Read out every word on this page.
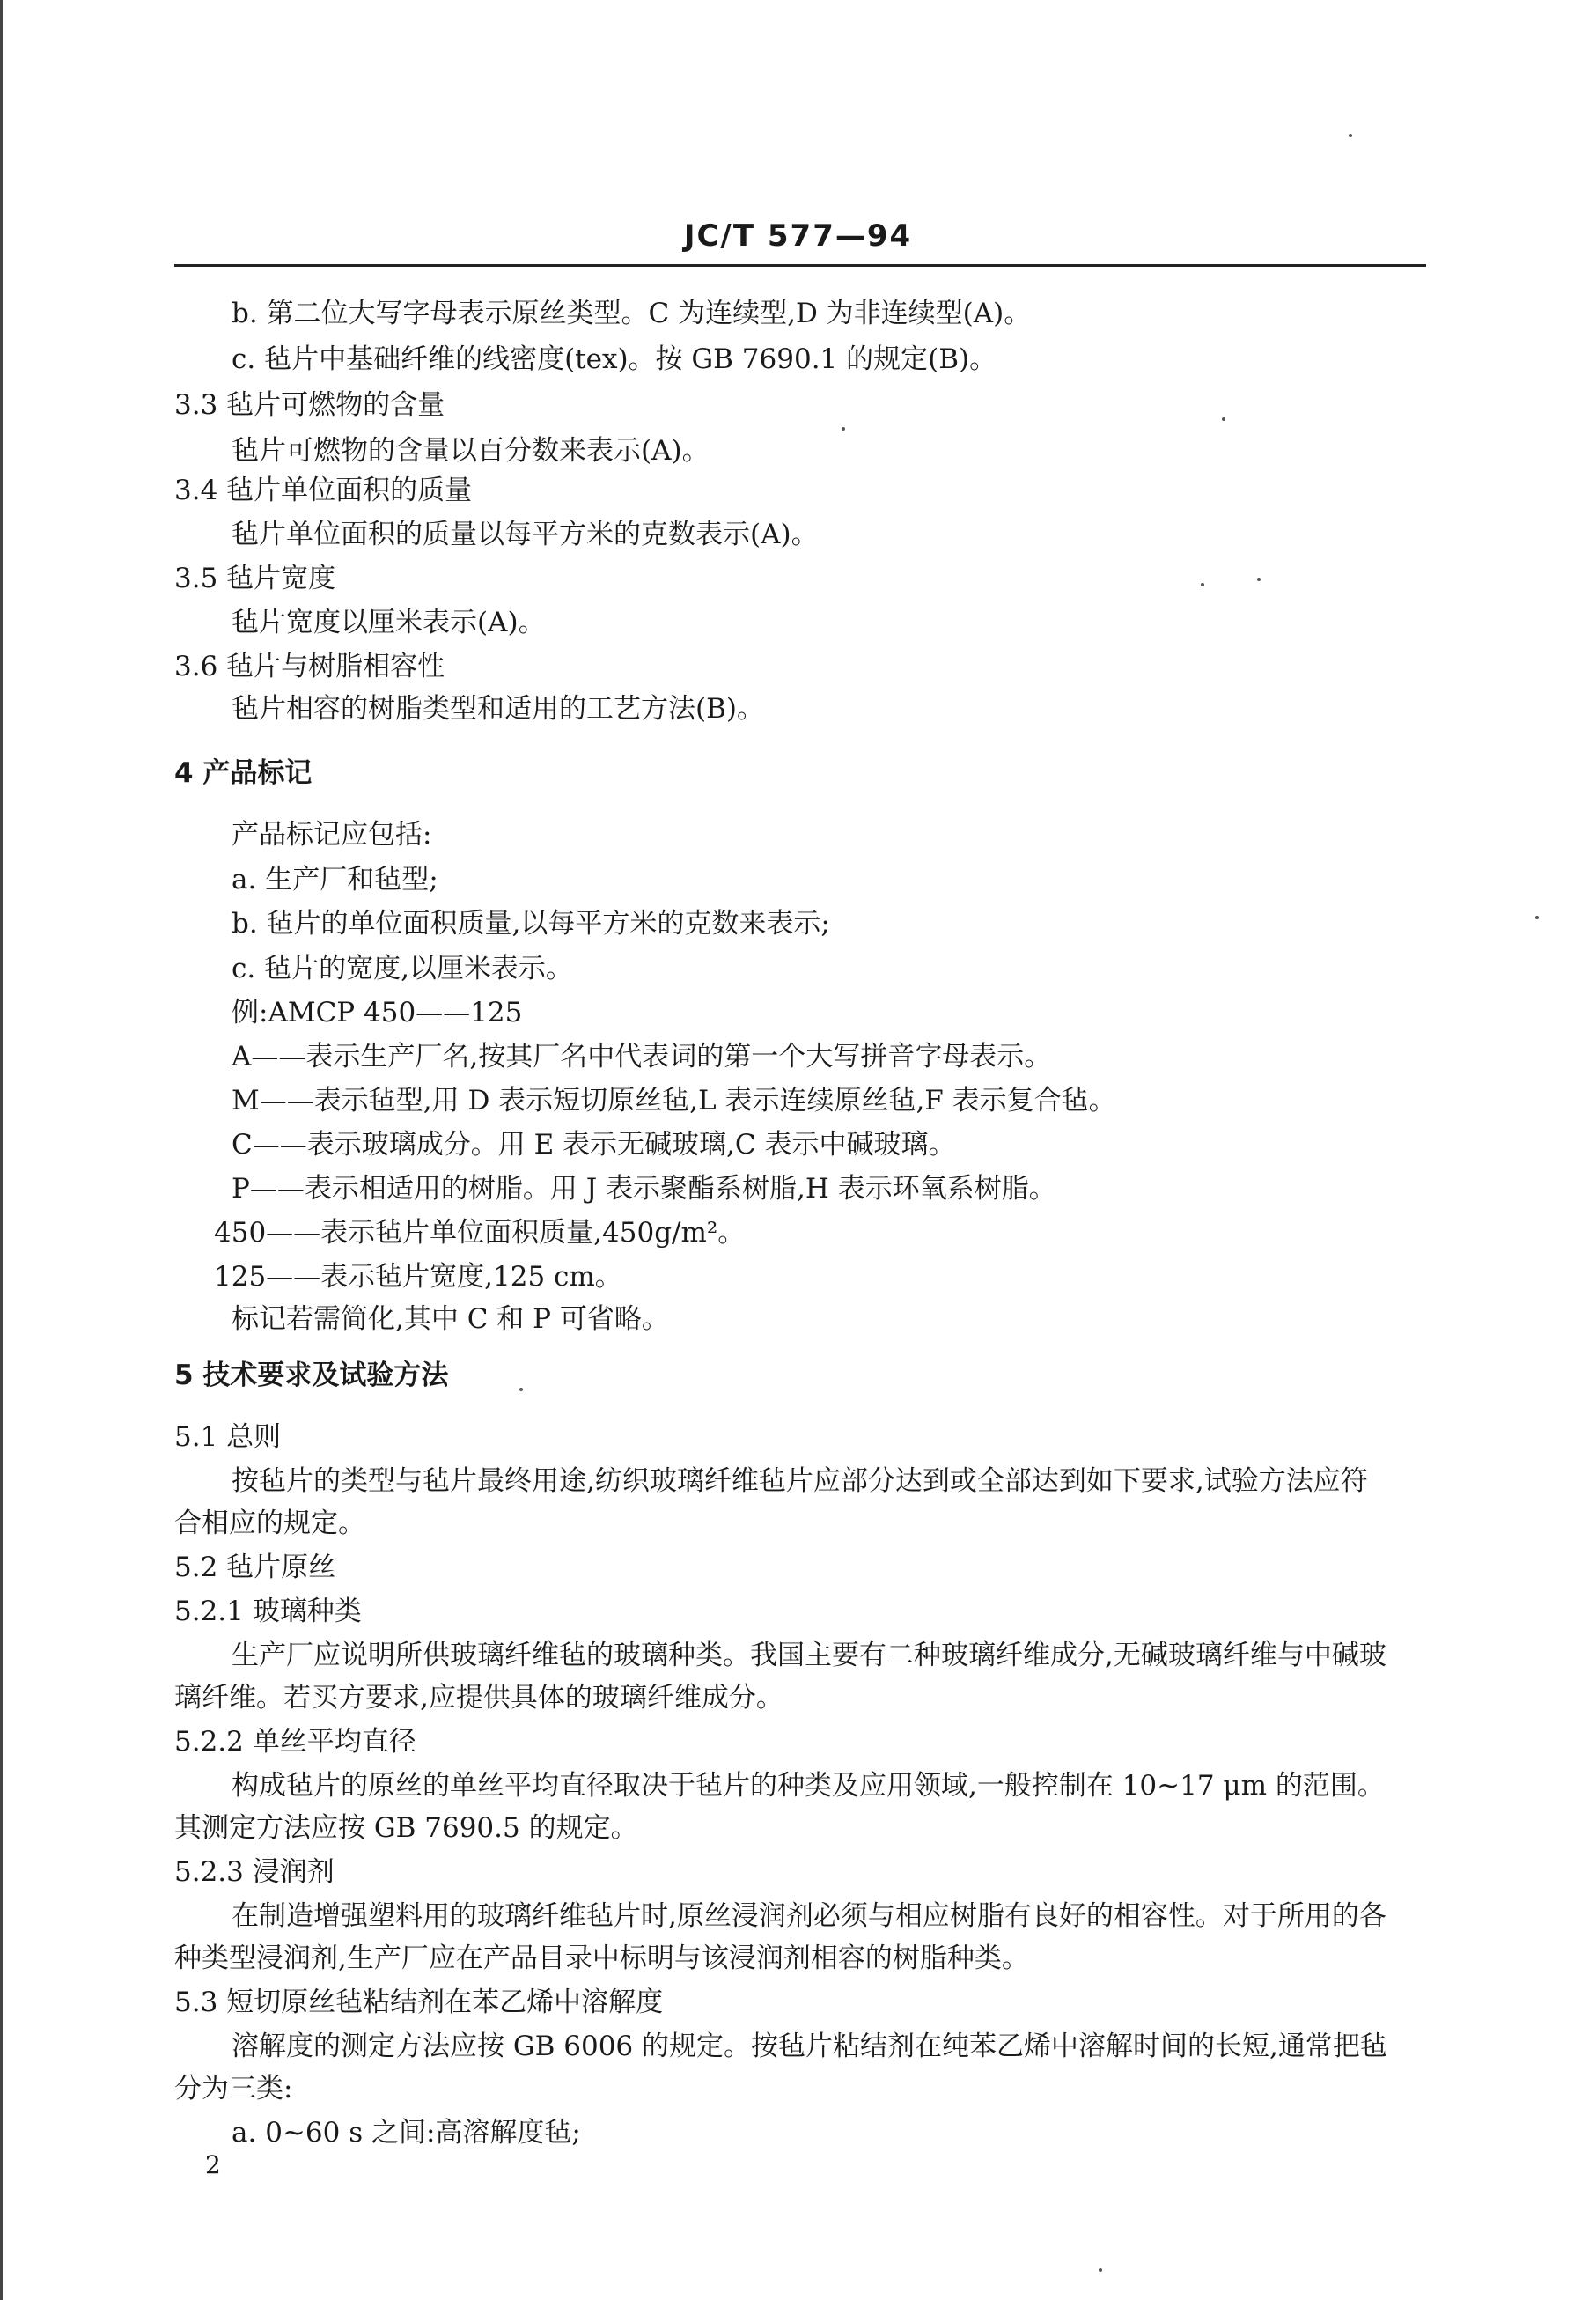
JC/T 577—94
b. 第二位大写字母表示原丝类型。C 为连续型,D 为非连续型(A)。
c. 毡片中基础纤维的线密度(tex)。按 GB 7690.1 的规定(B)。
3.3 毡片可燃物的含量
毡片可燃物的含量以百分数来表示(A)。
3.4 毡片单位面积的质量
毡片单位面积的质量以每平方米的克数表示(A)。
3.5 毡片宽度
毡片宽度以厘米表示(A)。
3.6 毡片与树脂相容性
毡片相容的树脂类型和适用的工艺方法(B)。
4 产品标记
产品标记应包括:
a. 生产厂和毡型;
b. 毡片的单位面积质量,以每平方米的克数来表示;
c. 毡片的宽度,以厘米表示。
例:AMCP 450——125
A——表示生产厂名,按其厂名中代表词的第一个大写拼音字母表示。
M——表示毡型,用 D 表示短切原丝毡,L 表示连续原丝毡,F 表示复合毡。
C——表示玻璃成分。用 E 表示无碱玻璃,C 表示中碱玻璃。
P——表示相适用的树脂。用 J 表示聚酯系树脂,H 表示环氧系树脂。
450——表示毡片单位面积质量,450g/m²。
125——表示毡片宽度,125 cm。
标记若需简化,其中 C 和 P 可省略。
5 技术要求及试验方法
5.1 总则
按毡片的类型与毡片最终用途,纺织玻璃纤维毡片应部分达到或全部达到如下要求,试验方法应符
合相应的规定。
5.2 毡片原丝
5.2.1 玻璃种类
生产厂应说明所供玻璃纤维毡的玻璃种类。我国主要有二种玻璃纤维成分,无碱玻璃纤维与中碱玻
璃纤维。若买方要求,应提供具体的玻璃纤维成分。
5.2.2 单丝平均直径
构成毡片的原丝的单丝平均直径取决于毡片的种类及应用领域,一般控制在 10~17 μm 的范围。
其测定方法应按 GB 7690.5 的规定。
5.2.3 浸润剂
在制造增强塑料用的玻璃纤维毡片时,原丝浸润剂必须与相应树脂有良好的相容性。对于所用的各
种类型浸润剂,生产厂应在产品目录中标明与该浸润剂相容的树脂种类。
5.3 短切原丝毡粘结剂在苯乙烯中溶解度
溶解度的测定方法应按 GB 6006 的规定。按毡片粘结剂在纯苯乙烯中溶解时间的长短,通常把毡
分为三类:
a. 0~60 s 之间:高溶解度毡;
2
